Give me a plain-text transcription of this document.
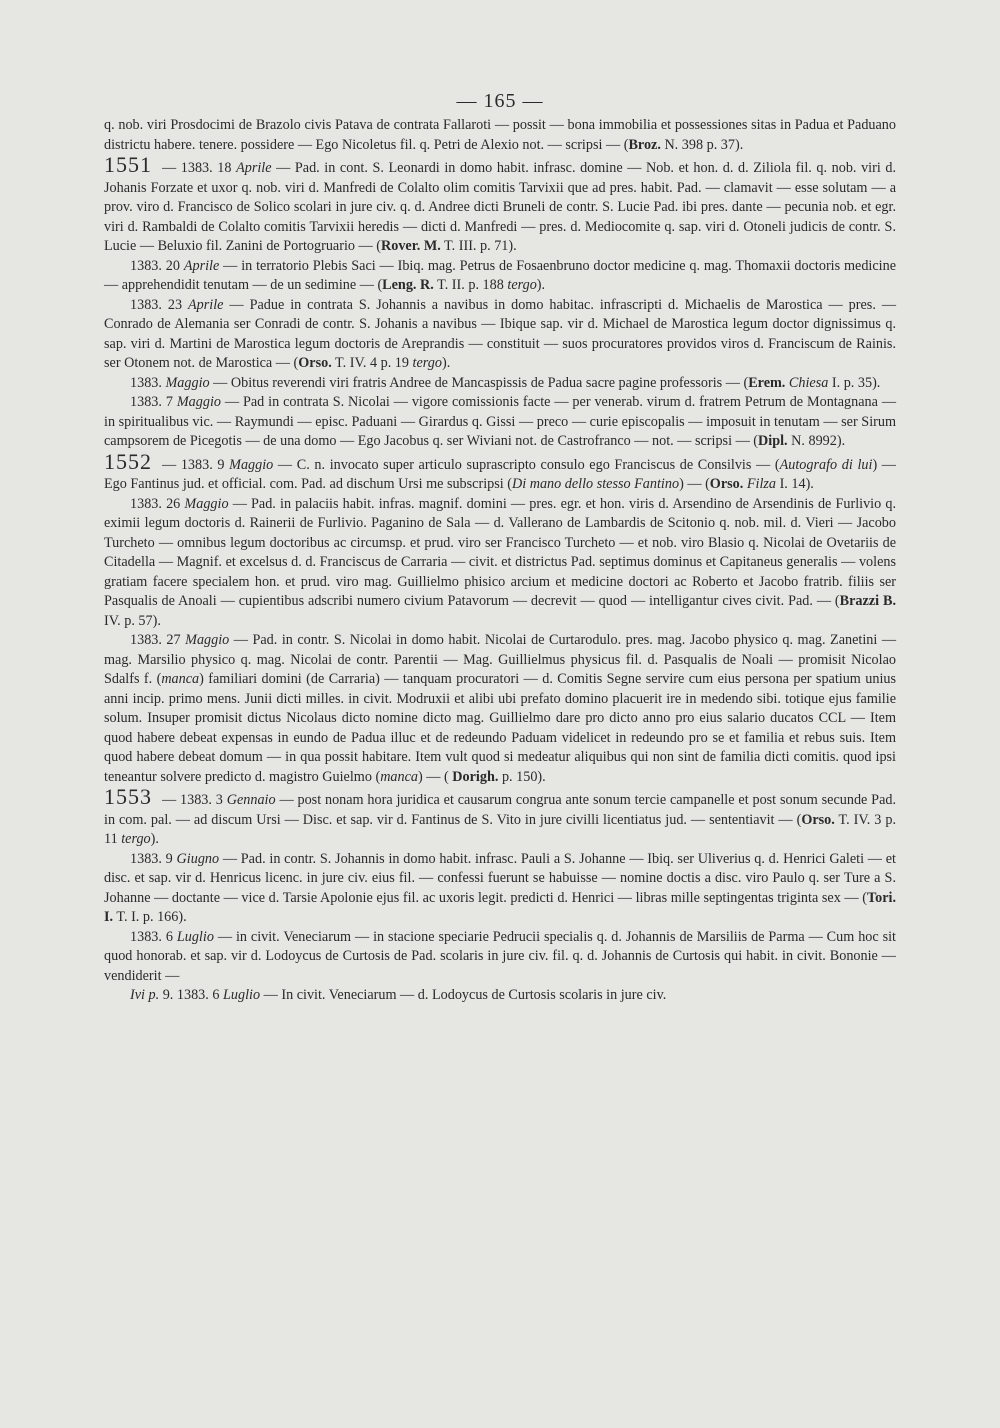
— 165 —

q. nob. viri Prosdocimi de Brazolo civis Patava de contrata Fallaroti — possit — bona immobilia et possessiones sitas in Padua et Paduano districtu habere. tenere. possidere — Ego Nicoletus fil. q. Petri de Alexio not. — scripsi — (Broz. N. 398 p. 37).

1551 — 1383. 18 Aprile — Pad. in cont. S. Leonardi in domo habit. infrasc. domine — Nob. et hon. d. d. Ziliola fil. q. nob. viri d. Johanis Forzate et uxor q. nob. viri d. Manfredi de Colalto olim comitis Tarvixii que ad pres. habit. Pad. — clamavit — esse solutam — a prov. viro d. Francisco de Solico scolari in jure civ. q. d. Andree dicti Bruneli de contr. S. Lucie Pad. ibi pres. dante — pecunia nob. et egr. viri d. Rambaldi de Colalto comitis Tarvixii heredis — dicti d. Manfredi — pres. d. Mediocomite q. sap. viri d. Otoneli judicis de contr. S. Lucie — Beluxio fil. Zanini de Portogruario — (Rover. M. T. III. p. 71).

1383. 20 Aprile — in terratorio Plebis Saci — Ibiq. mag. Petrus de Fosaenbruno doctor medicine q. mag. Thomaxii doctoris medicine — apprehendidit tenutam — de un sedimine — (Leng. R. T. II. p. 188 tergo).

1383. 23 Aprile — Padue in contrata S. Johannis a navibus in domo habitac. infrascripti d. Michaelis de Marostica — pres. — Conrado de Alemania ser Conradi de contr. S. Johanis a navibus — Ibique sap. vir d. Michael de Marostica legum doctor dignissimus q. sap. viri d. Martini de Marostica legum doctoris de Areprandis — constituit — suos procuratores providos viros d. Franciscum de Rainis. ser Otonem not. de Marostica — (Orso. T. IV. 4 p. 19 tergo).

1383. Maggio — Obitus reverendi viri fratris Andree de Mancaspissis de Padua sacre pagine professoris — (Erem. Chiesa I. p. 35).

1383. 7 Maggio — Pad in contrata S. Nicolai — vigore comissionis facte — per venerab. virum d. fratrem Petrum de Montagnana — in spiritualibus vic. — Raymundi — episc. Paduani — Girardus q. Gissi — preco — curie episcopalis — imposuit in tenutam — ser Sirum campsorem de Picegotis — de una domo — Ego Jacobus q. ser Wiviani not. de Castrofranco — not. — scripsi — (Dipl. N. 8992).

1552 — 1383. 9 Maggio — C. n. invocato super articulo suprascripto consulo ego Franciscus de Consilvis — (Autografo di lui) — Ego Fantinus jud. et official. com. Pad. ad dischum Ursi me subscripsi (Di mano dello stesso Fantino) — (Orso. Filza I. 14).

1383. 26 Maggio — Pad. in palaciis habit. infras. magnif. domini — pres. egr. et hon. viris d. Arsendino de Arsendinis de Furlivio q. eximii legum doctoris d. Rainerii de Furlivio. Paganino de Sala — d. Vallerano de Lambardis de Scitonio q. nob. mil. d. Vieri — Jacobo Turcheto — omnibus legum doctoribus ac circumsp. et prud. viro ser Francisco Turcheto — et nob. viro Blasio q. Nicolai de Ovetariis de Citadella — Magnif. et excelsus d. d. Franciscus de Carraria — civit. et districtus Pad. septimus dominus et Capitaneus generalis — volens gratiam facere specialem hon. et prud. viro mag. Guillielmo phisico arcium et medicine doctori ac Roberto et Jacobo fratrib. filiis ser Pasqualis de Anoali — cupientibus adscribi numero civium Patavorum — decrevit — quod — intelligantur cives civit. Pad. — (Brazzi B. IV. p. 57).

1383. 27 Maggio — Pad. in contr. S. Nicolai in domo habit. Nicolai de Curtarodulo. pres. mag. Jacobo physico q. mag. Zanetini — mag. Marsilio physico q. mag. Nicolai de contr. Parentii — Mag. Guillielmus physicus fil. d. Pasqualis de Noali — promisit Nicolao Sdalfs f. (manca) familiari domini (de Carraria) — tanquam procuratori — d. Comitis Segne servire cum eius persona per spatium unius anni incip. primo mens. Junii dicti milles. in civit. Modruxii et alibi ubi prefato domino placuerit ire in medendo sibi. totique ejus familie solum. Insuper promisit dictus Nicolaus dicto nomine dicto mag. Guillielmo dare pro dicto anno pro eius salario ducatos CCL — Item quod habere debeat expensas in eundo de Padua illuc et de redeundo Paduam videlicet in redeundo pro se et familia et rebus suis. Item quod habere debeat domum — in qua possit habitare. Item vult quod si medeatur aliquibus qui non sint de familia dicti comitis. quod ipsi teneantur solvere predicto d. magistro Guielmo (manca) — ( Dorigh. p. 150).

1553 — 1383. 3 Gennaio — post nonam hora juridica et causarum congrua ante sonum tercie campanelle et post sonum secunde Pad. in com. pal. — ad discum Ursi — Disc. et sap. vir d. Fantinus de S. Vito in jure civilli licentiatus jud. — sententiavit — (Orso. T. IV. 3 p. 11 tergo).

1383. 9 Giugno — Pad. in contr. S. Johannis in domo habit. infrasc. Pauli a S. Johanne — Ibiq. ser Uliverius q. d. Henrici Galeti — et disc. et sap. vir d. Henricus licenc. in jure civ. eius fil. — confessi fuerunt se habuisse — nomine doctis a disc. viro Paulo q. ser Ture a S. Johanne — doctante — vice d. Tarsie Apolonie ejus fil. ac uxoris legit. predicti d. Henrici — libras mille septingentas triginta sex — (Tori. I. T. I. p. 166).

1383. 6 Luglio — in civit. Veneciarum — in stacione speciarie Pedrucii specialis q. d. Johannis de Marsiliis de Parma — Cum hoc sit quod honorab. et sap. vir d. Lodoycus de Curtosis de Pad. scolaris in jure civ. fil. q. d. Johannis de Curtosis qui habit. in civit. Bononie — vendiderit —

Ivi p. 9. 1383. 6 Luglio — In civit. Veneciarum — d. Lodoycus de Curtosis scolaris in jure civ.
